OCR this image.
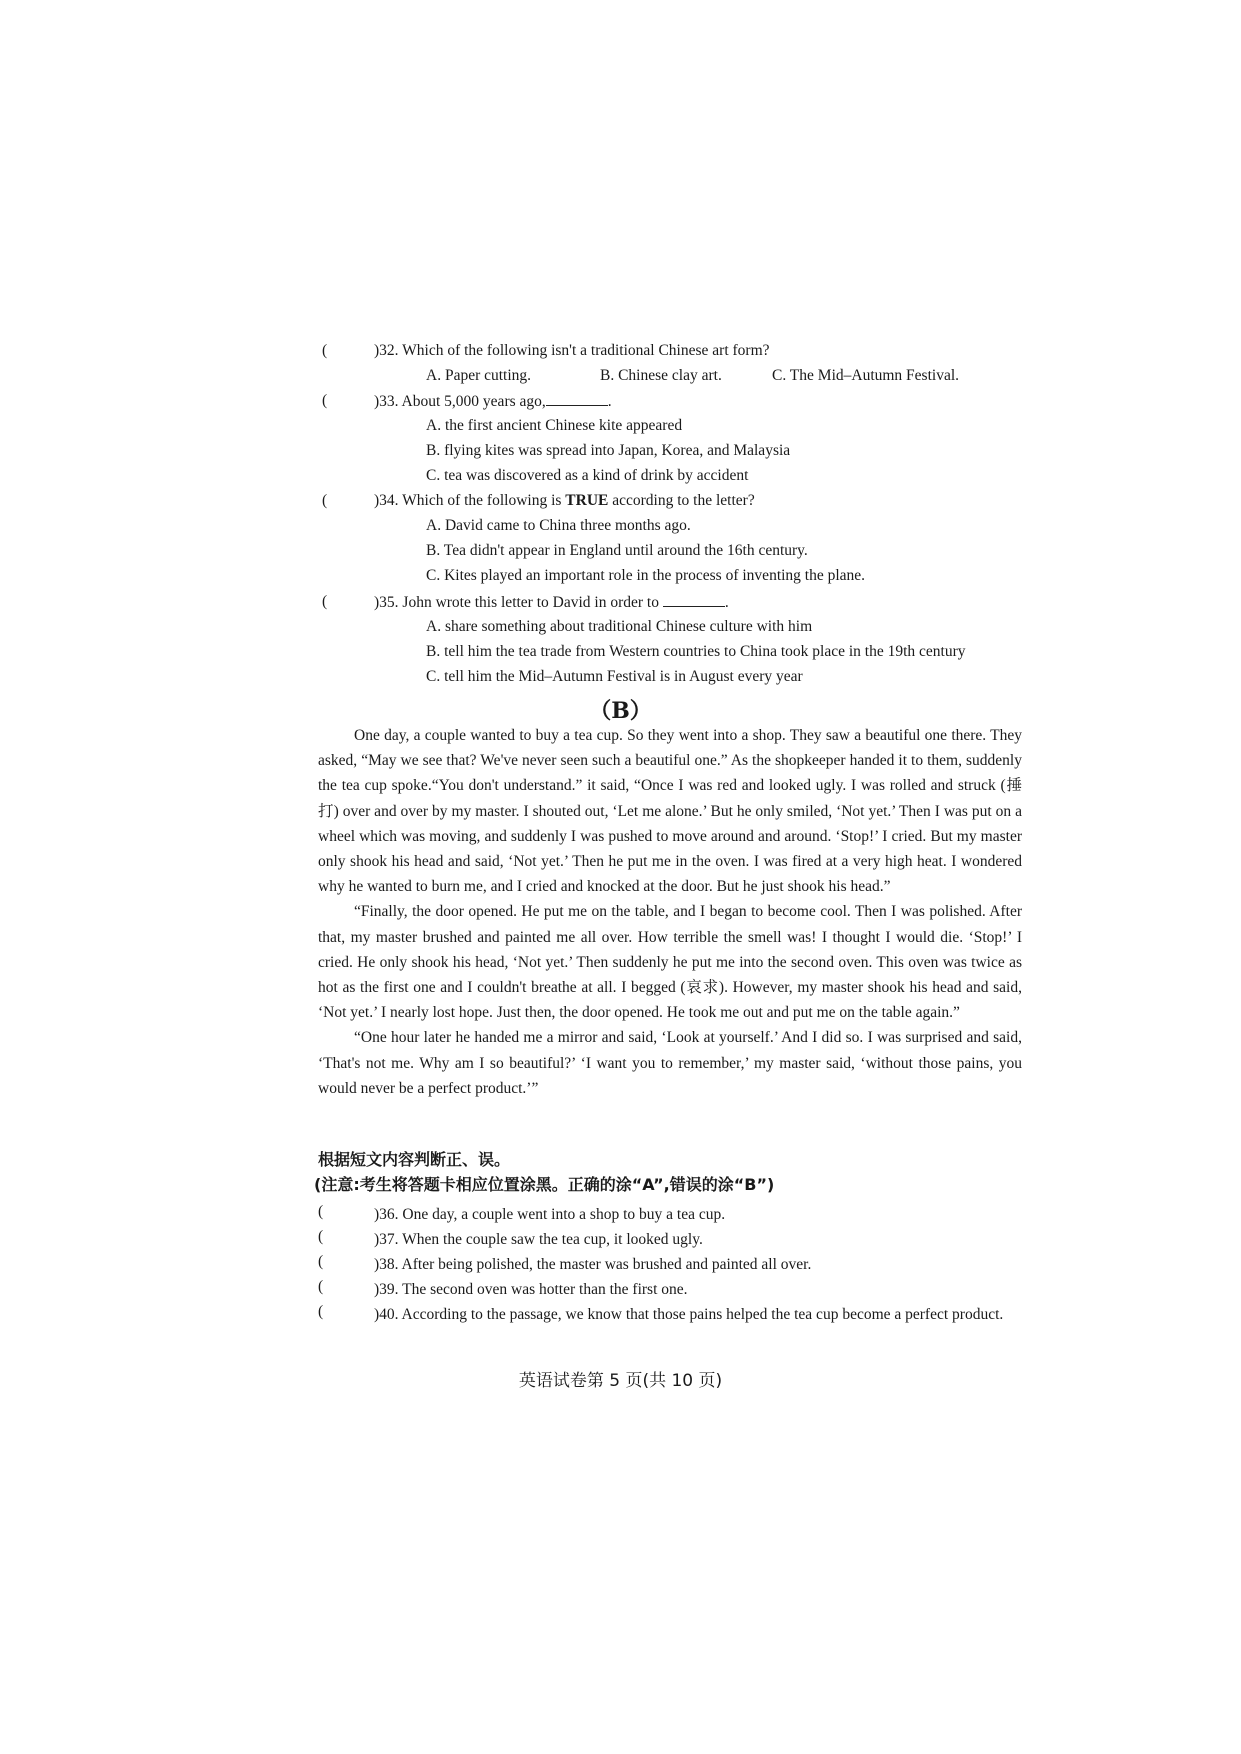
(	)32. Which of the following isn't a traditional Chinese art form?
A. Paper cutting.	B. Chinese clay art.	C. The Mid–Autumn Festival.
(	)33. About 5,000 years ago,	.
A. the first ancient Chinese kite appeared
B. flying kites was spread into Japan, Korea, and Malaysia
C. tea was discovered as a kind of drink by accident
(	)34. Which of the following is TRUE according to the letter?
A. David came to China three months ago.
B. Tea didn't appear in England until around the 16th century.
C. Kites played an important role in the process of inventing the plane.
(	)35. John wrote this letter to David in order to	.
A. share something about traditional Chinese culture with him
B. tell him the tea trade from Western countries to China took place in the 19th century
C. tell him the Mid–Autumn Festival is in August every year
（B）

One day, a couple wanted to buy a tea cup. So they went into a shop. They saw a beautiful one there. They asked, “May we see that? We've never seen such a beautiful one.” As the shopkeeper handed it to them, suddenly the tea cup spoke.“You don't understand.” it said, “Once I was red and looked ugly. I was rolled and struck (捶打) over and over by my master. I shouted out, ‘Let me alone.’ But he only smiled, ‘Not yet.’ Then I was put on a wheel which was moving, and suddenly I was pushed to move around and around. ‘Stop!’ I cried. But my master only shook his head and said, ‘Not yet.’ Then he put me in the oven. I was fired at a very high heat. I wondered why he wanted to burn me, and I cried and knocked at the door. But he just shook his head.”

“Finally, the door opened. He put me on the table, and I began to become cool. Then I was polished. After that, my master brushed and painted me all over. How terrible the smell was! I thought I would die. ‘Stop!’ I cried. He only shook his head, ‘Not yet.’ Then suddenly he put me into the second oven. This oven was twice as hot as the first one and I couldn't breathe at all. I begged (哀求). However, my master shook his head and said, ‘Not yet.’ I nearly lost hope. Just then, the door opened. He took me out and put me on the table again.”

“One hour later he handed me a mirror and said, ‘Look at yourself.’ And I did so. I was surprised and said, ‘That's not me. Why am I so beautiful?’ ‘I want you to remember,’ my master said, ‘without those pains, you would never be a perfect product.’”

根据短文内容判断正、误。
(注意:考生将答题卡相应位置涂黑。正确的涂“A”,错误的涂“B”)
(	)36. One day, a couple went into a shop to buy a tea cup.
(	)37. When the couple saw the tea cup, it looked ugly.
(	)38. After being polished, the master was brushed and painted all over.
(	)39. The second oven was hotter than the first one.
(	)40. According to the passage, we know that those pains helped the tea cup become a perfect product.
英语试卷第 5 页(共 10 页)
